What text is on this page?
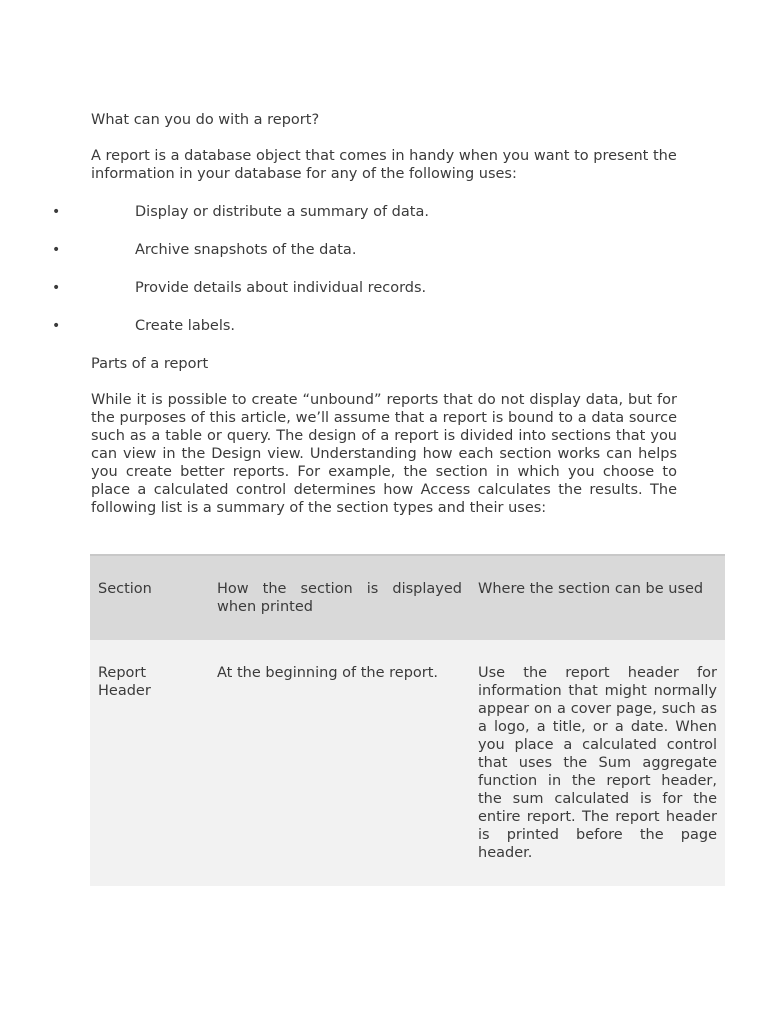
What can you do with a report?

A report is a database object that comes in handy when you want to present the information in your database for any of the following uses:

•	Display or distribute a summary of data.
•	Archive snapshots of the data.
•	Provide details about individual records.
•	Create labels.

Parts of a report

While it is possible to create “unbound” reports that do not display data, but for the purposes of this article, we’ll assume that a report is bound to a data source such as a table or query. The design of a report is divided into sections that you can view in the Design view. Understanding how each section works can helps you create better reports. For example, the section in which you choose to place a calculated control determines how Access calculates the results. The following list is a summary of the section types and their uses:

Section	How the section is displayed when printed	Where the section can be used
Report Header	At the beginning of the report.	Use the report header for information that might normally appear on a cover page, such as a logo, a title, or a date. When you place a calculated control that uses the Sum aggregate function in the report header, the sum calculated is for the entire report. The report header is printed before the page header.
